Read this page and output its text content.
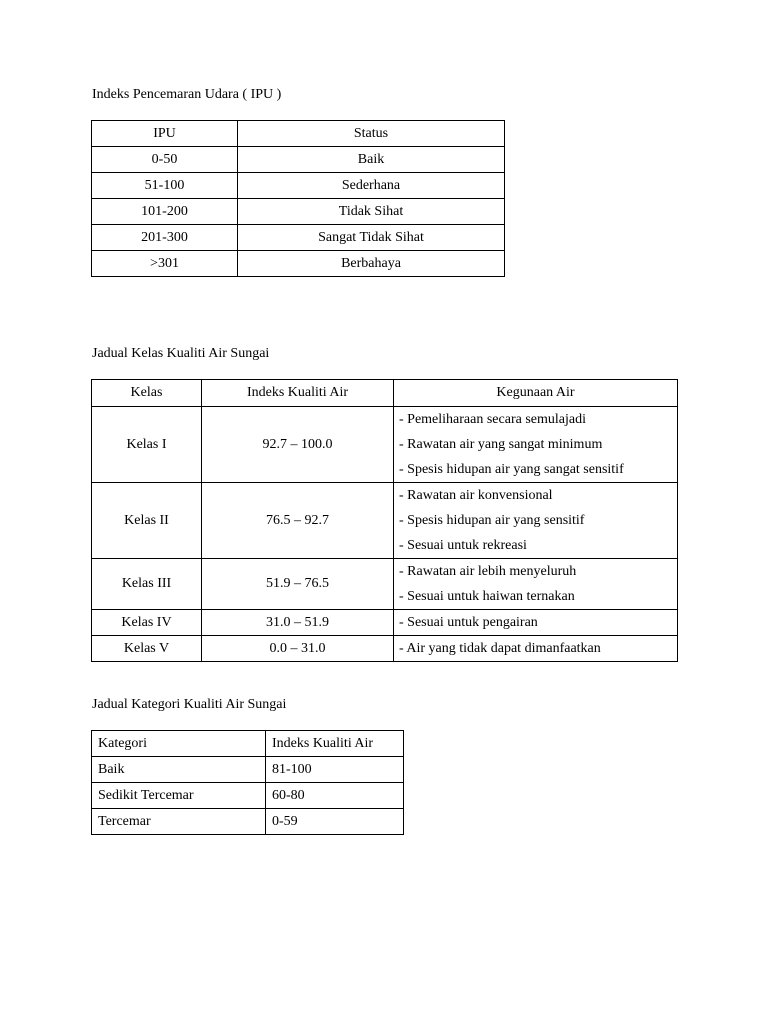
Indeks Pencemaran Udara ( IPU )
IPU	Status
0-50	Baik
51-100	Sederhana
101-200	Tidak Sihat
201-300	Sangat Tidak Sihat
>301	Berbahaya
Jadual Kelas Kualiti Air Sungai
Kelas	Indeks Kualiti Air	Kegunaan Air
Kelas I	92.7 – 100.0	- Pemeliharaan secara semulajadi
- Rawatan air yang sangat minimum
- Spesis hidupan air yang sangat sensitif

Kelas II	76.5 – 92.7	- Rawatan air konvensional
- Spesis hidupan air yang sensitif
- Sesuai untuk rekreasi

Kelas III	51.9 – 76.5	- Rawatan air lebih menyeluruh
- Sesuai untuk haiwan ternakan

Kelas IV	31.0 – 51.9	- Sesuai untuk pengairan

Kelas V	0.0 – 31.0	- Air yang tidak dapat dimanfaatkan
Jadual Kategori Kualiti Air Sungai
Kategori	Indeks Kualiti Air
Baik	81-100
Sedikit Tercemar	60-80
Tercemar	0-59
